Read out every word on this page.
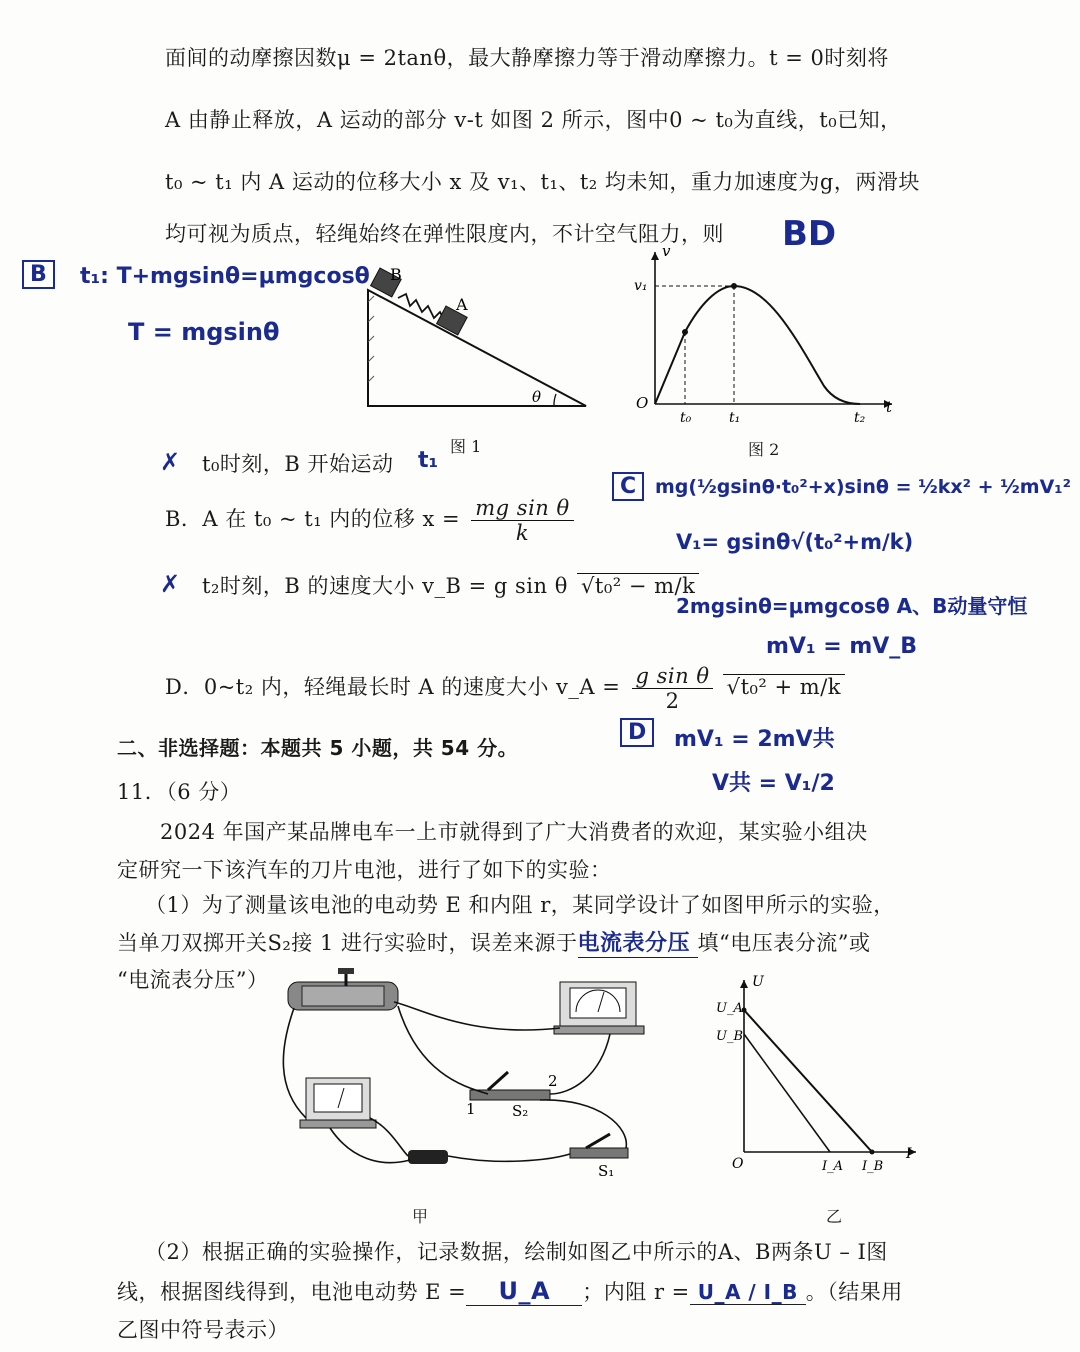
面间的动摩擦因数μ = 2tanθ，最大静摩擦力等于滑动摩擦力。t = 0时刻将
A 由静止释放，A 运动的部分 v-t 如图 2 所示，图中0 ~ t₀为直线，t₀已知，
t₀ ~ t₁ 内 A 运动的位移大小 x 及 v₁、t₁、t₂ 均未知，重力加速度为g，两滑块
均可视为质点，轻绳始终在弹性限度内，不计空气阻力，则 BD
B	t₁: T+mgsinθ=μmgcosθ
T = mgsinθ
B
A
θ
图 1
v
t
O
v₁
t₀	t₁	t₂
图 2
✗ t₀时刻，B 开始运动 t₁
B．A 在 t₀ ~ t₁ 内的位移 $x = \frac{\text{mg sin θ}}{k}$
✗ t₂时刻，B 的速度大小 v_B = g sin θ √t₀² − m/k
D．0~t₂ 内，轻绳最长时 A 的速度大小 v_A = $\frac{\text{g sin θ}}{2} √t_0^2 + m/k$
C mg(½gsinθ·t₀²+x)sinθ = ½kx² + ½mV₁²
V₁= gsinθ√(t₀²+m/k)
2mgsinθ=μmgcosθ A、B动量守恒
mV₁ = mV_B
D	mV₁ = 2mV共
V共 = V₁/2
二、非选择题：本题共 5 小题，共 54 分。
11．（6 分）
2024 年国产某品牌电车一上市就得到了广大消费者的欢迎，某实验小组决
定研究一下该汽车的刀片电池，进行了如下的实验：
（1）为了测量该电池的电动势 E 和内阻 r，某同学设计了如图甲所示的实验，
当单刀双掷开关S₂接 1 进行实验时，误差来源于电流表分压 填“电压表分流”或
“电流表分压”）
1
2
S₂
S₁
甲
U
I
O
U_A
U_B
I_A I_B
乙
（2）根据正确的实验操作，记录数据，绘制如图乙中所示的A、B两条U – I图
线，根据图线得到，电池电动势 E = U_A ；内阻 r = U_A / I_B 。（结果用
乙图中符号表示）
